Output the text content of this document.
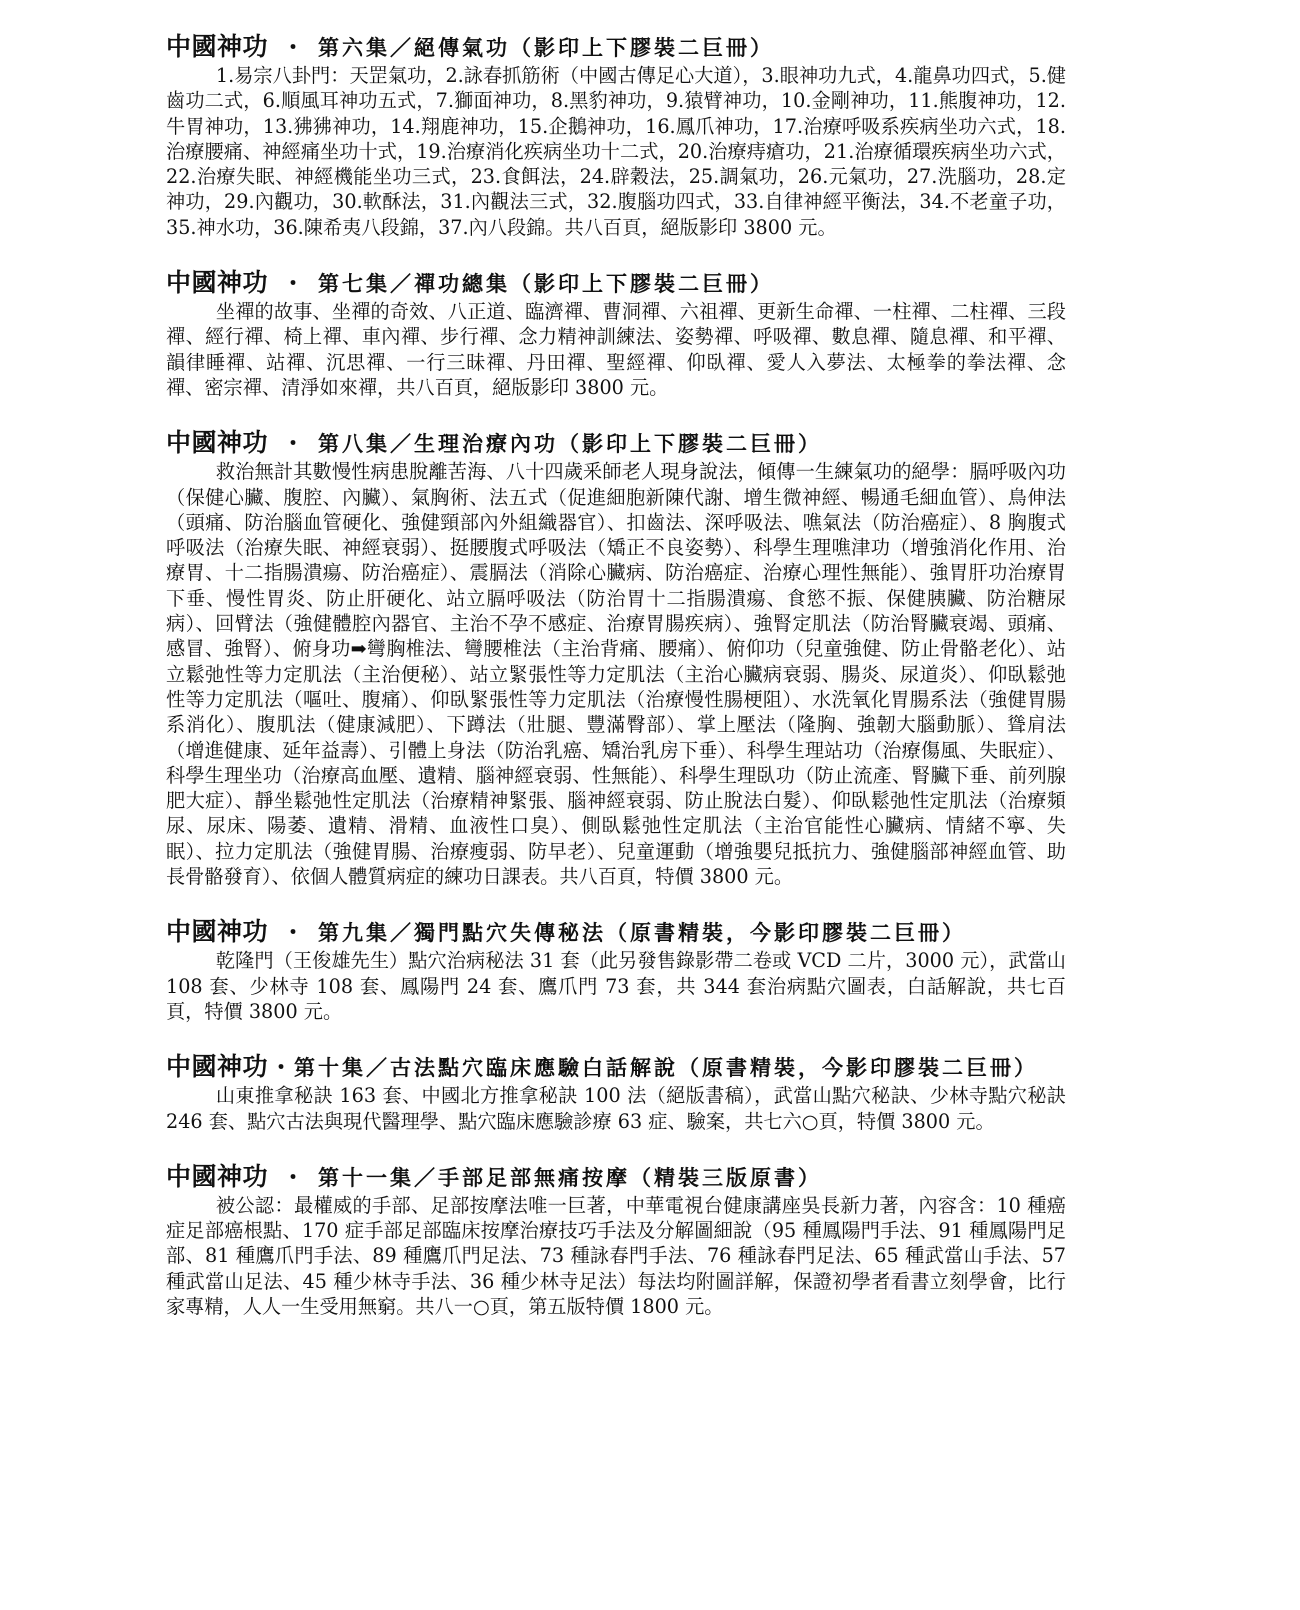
中國神功 ・ 第六集／絕傳氣功（影印上下膠裝二巨冊）

1.易宗八卦門：天罡氣功，2.詠春抓筋術（中國古傳足心大道），3.眼神功九式，4.龍鼻功四式，5.健齒功二式，6.順風耳神功五式，7.獅面神功，8.黑豹神功，9.猿臂神功，10.金剛神功，11.熊腹神功，12.牛胃神功，13.狒狒神功，14.翔鹿神功，15.企鵝神功，16.鳳爪神功，17.治療呼吸系疾病坐功六式，18.治療腰痛、神經痛坐功十式，19.治療消化疾病坐功十二式，20.治療痔瘡功，21.治療循環疾病坐功六式，22.治療失眠、神經機能坐功三式，23.食餌法，24.辟穀法，25.調氣功，26.元氣功，27.洗腦功，28.定神功，29.內觀功，30.軟酥法，31.內觀法三式，32.腹腦功四式，33.自律神經平衡法，34.不老童子功，35.神水功，36.陳希夷八段錦，37.內八段錦。共八百頁，絕版影印 3800 元。

中國神功 ・ 第七集／禪功總集（影印上下膠裝二巨冊）

坐禪的故事、坐禪的奇效、八正道、臨濟禪、曹洞禪、六祖禪、更新生命禪、一柱禪、二柱禪、三段禪、經行禪、椅上禪、車內禪、步行禪、念力精神訓練法、姿勢禪、呼吸禪、數息禪、隨息禪、和平禪、韻律睡禪、站禪、沉思禪、一行三昧禪、丹田禪、聖經禪、仰臥禪、愛人入夢法、太極拳的拳法禪、念禪、密宗禪、清淨如來禪，共八百頁，絕版影印 3800 元。

中國神功 ・ 第八集／生理治療內功（影印上下膠裝二巨冊）

救治無計其數慢性病患脫離苦海、八十四歲釆師老人現身說法，傾傳一生練氣功的絕學：膈呼吸內功（保健心臟、腹腔、內臟）、氣胸術、法五式（促進細胞新陳代謝、增生微神經、暢通毛細血管）、鳥伸法（頭痛、防治腦血管硬化、強健頸部內外組織器官）、扣齒法、深呼吸法、噍氣法（防治癌症）、8 胸腹式呼吸法（治療失眠、神經衰弱）、挺腰腹式呼吸法（矯正不良姿勢）、科學生理噍津功（增強消化作用、治療胃、十二指腸潰瘍、防治癌症）、震膈法（消除心臟病、防治癌症、治療心理性無能）、強胃肝功治療胃下垂、慢性胃炎、防止肝硬化、站立膈呼吸法（防治胃十二指腸潰瘍、食慾不振、保健胰臟、防治糖尿病）、回臂法（強健體腔內器官、主治不孕不感症、治療胃腸疾病）、強腎定肌法（防治腎臟衰竭、頭痛、感冒、強腎）、俯身功➡彎胸椎法、彎腰椎法（主治背痛、腰痛）、俯仰功（兒童強健、防止骨骼老化）、站立鬆弛性等力定肌法（主治便秘）、站立緊張性等力定肌法（主治心臟病衰弱、腸炎、尿道炎）、仰臥鬆弛性等力定肌法（嘔吐、腹痛）、仰臥緊張性等力定肌法（治療慢性腸梗阻）、水洗氧化胃腸系法（強健胃腸系消化）、腹肌法（健康減肥）、下蹲法（壯腿、豐滿臀部）、掌上壓法（隆胸、強韌大腦動脈）、聳肩法（增進健康、延年益壽）、引體上身法（防治乳癌、矯治乳房下垂）、科學生理站功（治療傷風、失眠症）、科學生理坐功（治療高血壓、遺精、腦神經衰弱、性無能）、科學生理臥功（防止流產、腎臟下垂、前列腺肥大症）、靜坐鬆弛性定肌法（治療精神緊張、腦神經衰弱、防止脫法白髮）、仰臥鬆弛性定肌法（治療頻尿、尿床、陽萎、遺精、滑精、血液性口臭）、側臥鬆弛性定肌法（主治官能性心臟病、情緒不寧、失眠）、拉力定肌法（強健胃腸、治療瘦弱、防早老）、兒童運動（增強嬰兒抵抗力、強健腦部神經血管、助長骨骼發育）、依個人體質病症的練功日課表。共八百頁，特價 3800 元。

中國神功 ・ 第九集／獨門點穴失傳秘法（原書精裝，今影印膠裝二巨冊）

乾隆門（王俊雄先生）點穴治病秘法 31 套（此另發售錄影帶二卷或 VCD 二片，3000 元），武當山 108 套、少林寺 108 套、鳳陽門 24 套、鷹爪門 73 套，共 344 套治病點穴圖表，白話解說，共七百頁，特價 3800 元。

中國神功 ・ 第十集／古法點穴臨床應驗白話解說（原書精裝，今影印膠裝二巨冊）

山東推拿秘訣 163 套、中國北方推拿秘訣 100 法（絕版書稿），武當山點穴秘訣、少林寺點穴秘訣 246 套、點穴古法與現代醫理學、點穴臨床應驗診療 63 症、驗案，共七六○頁，特價 3800 元。

中國神功 ・ 第十一集／手部足部無痛按摩（精裝三版原書）

被公認：最權威的手部、足部按摩法唯一巨著，中華電視台健康講座吳長新力著，內容含：10 種癌症足部癌根點、170 症手部足部臨床按摩治療技巧手法及分解圖細說（95 種鳳陽門手法、91 種鳳陽門足部、81 種鷹爪門手法、89 種鷹爪門足法、73 種詠春門手法、76 種詠春門足法、65 種武當山手法、57 種武當山足法、45 種少林寺手法、36 種少林寺足法）每法均附圖詳解，保證初學者看書立刻學會，比行家專精，人人一生受用無窮。共八一○頁，第五版特價 1800 元。
